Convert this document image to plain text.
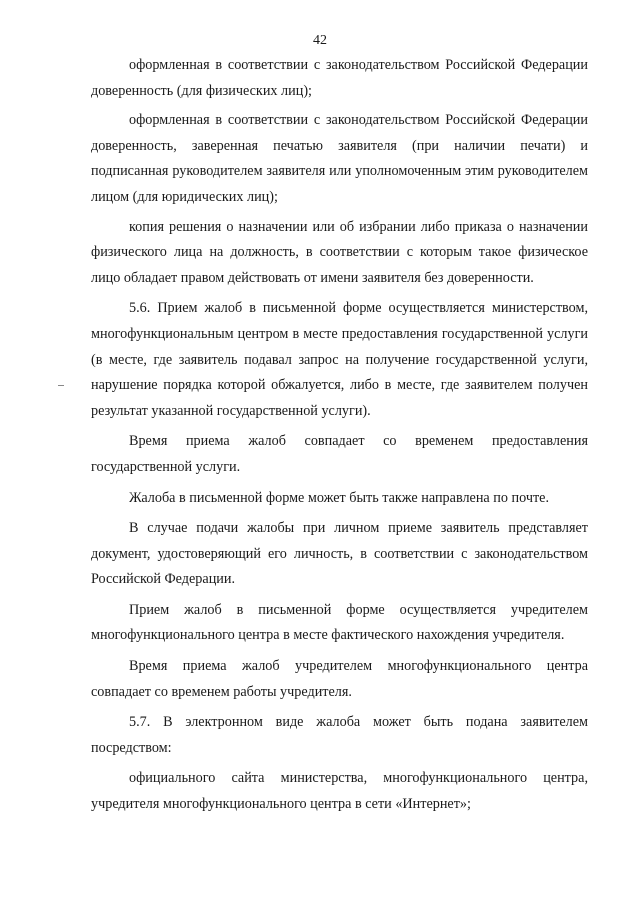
42

оформленная в соответствии с законодательством Российской Федерации доверенность (для физических лиц);

оформленная в соответствии с законодательством Российской Федерации доверенность, заверенная печатью заявителя (при наличии печати) и подписанная руководителем заявителя или уполномоченным этим руководителем лицом (для юридических лиц);

копия решения о назначении или об избрании либо приказа о назначении физического лица на должность, в соответствии с которым такое физическое лицо обладает правом действовать от имени заявителя без доверенности.

5.6. Прием жалоб в письменной форме осуществляется министерством, многофункциональным центром в месте предоставления государственной услуги (в месте, где заявитель подавал запрос на получение государственной услуги, нарушение порядка которой обжалуется, либо в месте, где заявителем получен результат указанной государственной услуги).

Время приема жалоб совпадает со временем предоставления государственной услуги.

Жалоба в письменной форме может быть также направлена по почте.

В случае подачи жалобы при личном приеме заявитель представляет документ, удостоверяющий его личность, в соответствии с законодательством Российской Федерации.

Прием жалоб в письменной форме осуществляется учредителем многофункционального центра в месте фактического нахождения учредителя.

Время приема жалоб учредителем многофункционального центра совпадает со временем работы учредителя.

5.7. В электронном виде жалоба может быть подана заявителем посредством:

официального сайта министерства, многофункционального центра, учредителя многофункционального центра в сети «Интернет»;
